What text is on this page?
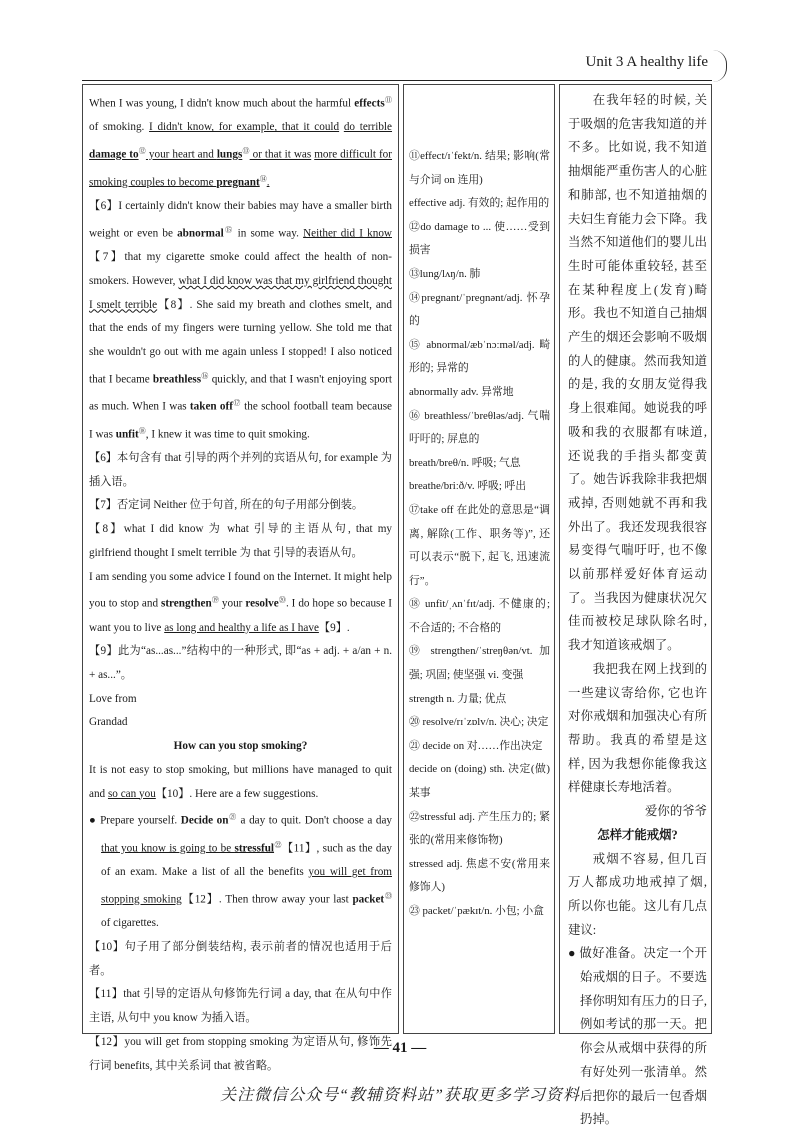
Unit 3 A healthy life

When I was young, I didn't know much about the harmful effects⑪ of smoking. I didn't know, for example, that it could do terrible damage to⑫ your heart and lungs⑬ or that it was more difficult for smoking couples to become pregnant⑭.

【6】I certainly didn't know their babies may have a smaller birth weight or even be abnormal⑮ in some way. Neither did I know【7】that my cigarette smoke could affect the health of non-smokers. However, what I did know was that my girlfriend thought I smelt terrible【8】. She said my breath and clothes smelt, and that the ends of my fingers were turning yellow. She told me that she wouldn't go out with me again unless I stopped! I also noticed that I became breathless⑯ quickly, and that I wasn't enjoying sport as much. When I was taken off⑰ the school football team because I was unfit⑱, I knew it was time to quit smoking.

【6】本句含有 that 引导的两个并列的宾语从句, for example 为插入语。

【7】否定词 Neither 位于句首, 所在的句子用部分倒装。

【8】what I did know 为 what 引导的主语从句, that my girlfriend thought I smelt terrible 为 that 引导的表语从句。

I am sending you some advice I found on the Internet. It might help you to stop and strengthen⑲ your resolve⑳. I do hope so because I want you to live as long and healthy a life as I have【9】.

【9】此为“as...as...”结构中的一种形式, 即“as + adj. + a/an + n. + as...”。

Love from

Grandad

How can you stop smoking?

It is not easy to stop smoking, but millions have managed to quit and so can you【10】. Here are a few suggestions.

● Prepare yourself. Decide $on^㉑$ a day to quit. Don't choose a day that you know is going to be stressful$^㉒$【11】, such as the day of an exam. Make a list of all the benefits you will get from stopping smoking【12】. Then throw away your last packet$^㉓$ of cigarettes.

【10】句子用了部分倒装结构, 表示前者的情况也适用于后者。

【11】that 引导的定语从句修饰先行词 a day, that 在从句中作主语, 从句中 you know 为插入语。

【12】you will get from stopping smoking 为定语从句, 修饰先行词 benefits, 其中关系词 that 被省略。

⑪effect/ɪˈfekt/n. 结果; 影响(常与介词 on 连用)

effective adj. 有效的; 起作用的

⑫do damage to ... 使……受到损害

⑬lung/lʌŋ/n. 肺

⑭pregnant/ˈpreɡnənt/adj. 怀孕的

⑮ abnormal/æbˈnɔːməl/adj. 畸形的; 异常的

abnormally adv. 异常地

⑯ breathless/ˈbreθləs/adj. 气喘吁吁的; 屏息的

breath/breθ/n. 呼吸; 气息

breathe/briːð/v. 呼吸; 呼出

⑰take off 在此处的意思是“调离, 解除(工作、职务等)”, 还可以表示“脱下, 起飞, 迅速流行”。

⑱ unfit/ˌʌnˈfɪt/adj. 不健康的; 不合适的; 不合格的

⑲ strengthen/ˈstreŋθən/vt. 加强; 巩固; 使坚强 vi. 变强

strength n. 力量; 优点

⑳ resolve/rɪˈzɒlv/n. 决心; 决定

㉑ decide on 对……作出决定

decide on (doing) sth. 决定(做)某事

㉒stressful adj. 产生压力的; 紧张的(常用来修饰物)

stressed adj. 焦虑不安(常用来修饰人)

㉓ packet/ˈpækɪt/n. 小包; 小盒

在我年轻的时候, 关于吸烟的危害我知道的并不多。比如说, 我不知道抽烟能严重伤害人的心脏和肺部, 也不知道抽烟的夫妇生育能力会下降。我当然不知道他们的婴儿出生时可能体重较轻, 甚至在某种程度上(发育)畸形。我也不知道自己抽烟产生的烟还会影响不吸烟的人的健康。然而我知道的是, 我的女朋友觉得我身上很难闻。她说我的呼吸和我的衣服都有味道, 还说我的手指头都变黄了。她告诉我除非我把烟戒掉, 否则她就不再和我外出了。我还发现我很容易变得气喘吁吁, 也不像以前那样爱好体育运动了。当我因为健康状况欠佳而被校足球队除名时, 我才知道该戒烟了。

我把我在网上找到的一些建议寄给你, 它也许对你戒烟和加强决心有所帮助。我真的希望是这样, 因为我想你能像我这样健康长寿地活着。

爱你的爷爷

怎样才能戒烟?

戒烟不容易, 但几百万人都成功地戒掉了烟, 所以你也能。这儿有几点建议:

● 做好准备。决定一个开始戒烟的日子。不要选择你明知有压力的日子, 例如考试的那一天。把你会从戒烟中获得的所有好处列一张清单。然后把你的最后一包香烟扔掉。

— 41 —
关注微信公众号“教辅资料站”获取更多学习资料
